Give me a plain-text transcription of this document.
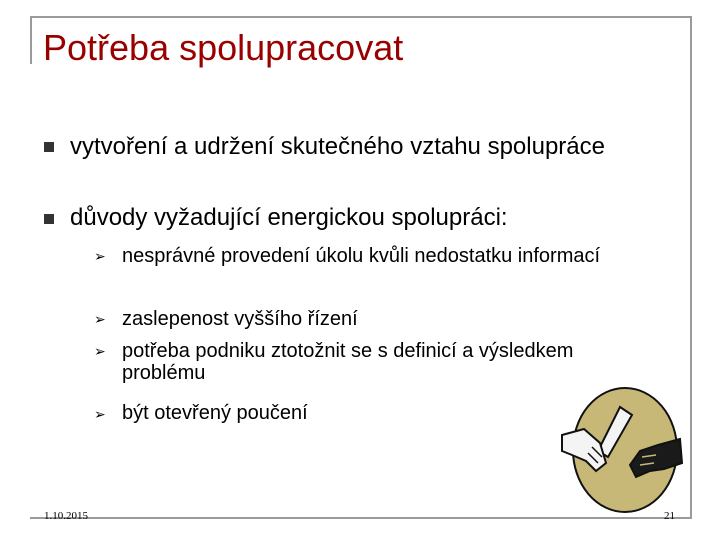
Potřeba spolupracovat
vytvoření a udržení skutečného vztahu spolupráce
důvody vyžadující energickou spolupráci:
➢ nesprávné provedení úkolu kvůli nedostatku informací
➢ zaslepenost vyššího řízení
➢ potřeba podniku ztotožnit se s definicí a výsledkem problému
➢ být otevřený poučení
1.10.2015	21
